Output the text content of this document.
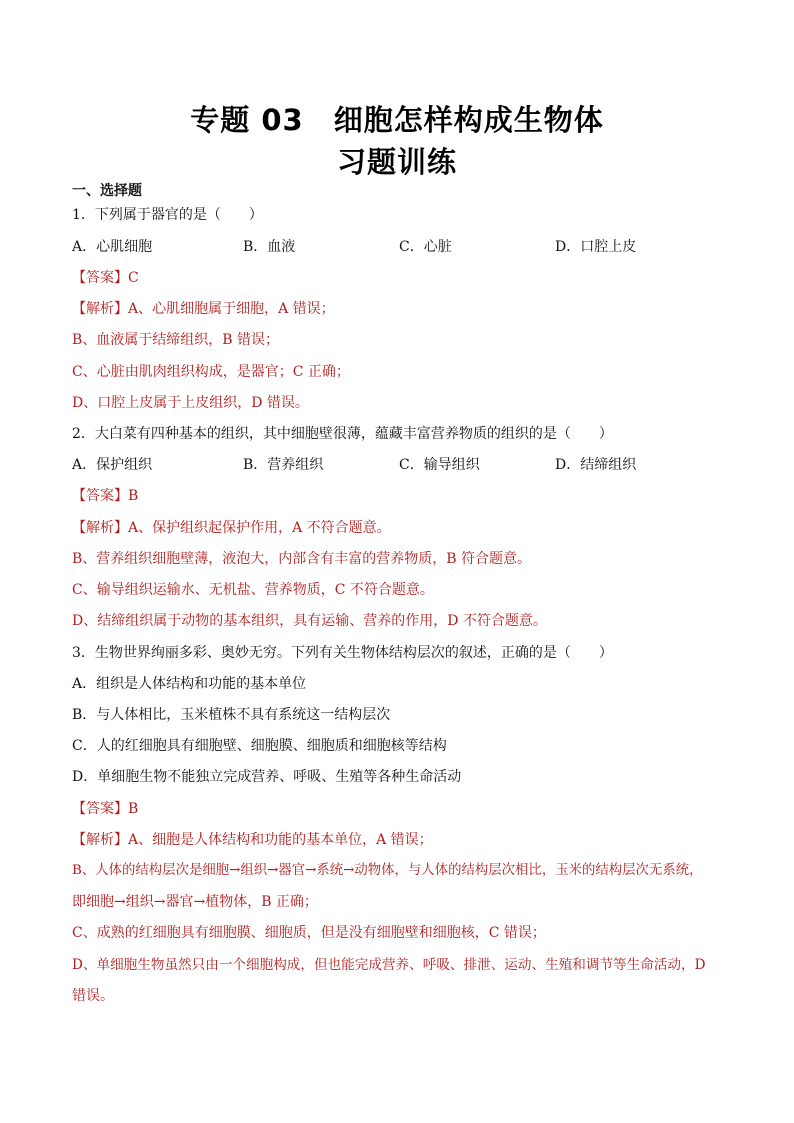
专题 03　细胞怎样构成生物体
习题训练
一、选择题
1．下列属于器官的是（　　）
A．心肌细胞	B．血液	C．心脏	D．口腔上皮
【答案】C
【解析】A、心肌细胞属于细胞，A 错误；
B、血液属于结缔组织，B 错误；
C、心脏由肌肉组织构成，是器官；C 正确；
D、口腔上皮属于上皮组织，D 错误。
2．大白菜有四种基本的组织，其中细胞壁很薄，蕴藏丰富营养物质的组织的是（　　）
A．保护组织	B．营养组织	C．输导组织	D．结缔组织
【答案】B
【解析】A、保护组织起保护作用，A 不符合题意。
B、营养组织细胞壁薄，液泡大，内部含有丰富的营养物质，B 符合题意。
C、输导组织运输水、无机盐、营养物质，C 不符合题意。
D、结缔组织属于动物的基本组织，具有运输、营养的作用，D 不符合题意。
3．生物世界绚丽多彩、奥妙无穷。下列有关生物体结构层次的叙述，正确的是（　　）
A．组织是人体结构和功能的基本单位
B．与人体相比，玉米植株不具有系统这一结构层次
C．人的红细胞具有细胞壁、细胞膜、细胞质和细胞核等结构
D．单细胞生物不能独立完成营养、呼吸、生殖等各种生命活动
【答案】B
【解析】A、细胞是人体结构和功能的基本单位，A 错误；
B、人体的结构层次是细胞→组织→器官→系统→动物体，与人体的结构层次相比，玉米的结构层次无系统，
即细胞→组织→器官→植物体，B 正确；
C、成熟的红细胞具有细胞膜、细胞质，但是没有细胞壁和细胞核，C 错误；
D、单细胞生物虽然只由一个细胞构成，但也能完成营养、呼吸、排泄、运动、生殖和调节等生命活动，D
错误。
